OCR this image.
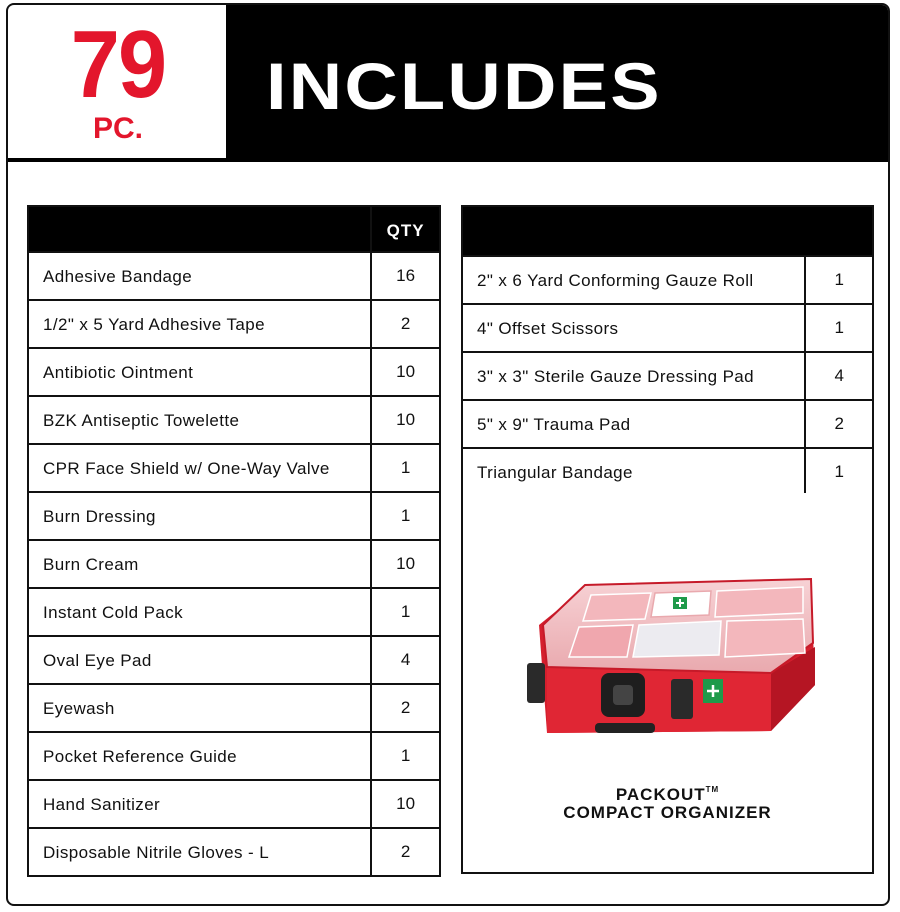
79
PC.
INCLUDES
	QTY
Adhesive Bandage	16
1/2" x 5 Yard Adhesive Tape	2
Antibiotic Ointment	10
BZK Antiseptic Towelette	10
CPR Face Shield w/ One-Way Valve	1
Burn Dressing	1
Burn Cream	10
Instant Cold Pack	1
Oval Eye Pad	4
Eyewash	2
Pocket Reference Guide	1
Hand Sanitizer	10
Disposable Nitrile Gloves - L	2

2" x 6 Yard Conforming Gauze Roll	1
4" Offset Scissors	1
3" x 3" Sterile Gauze Dressing Pad	4
5" x 9" Trauma Pad	2
Triangular Bandage	1
PACKOUT™
COMPACT ORGANIZER
